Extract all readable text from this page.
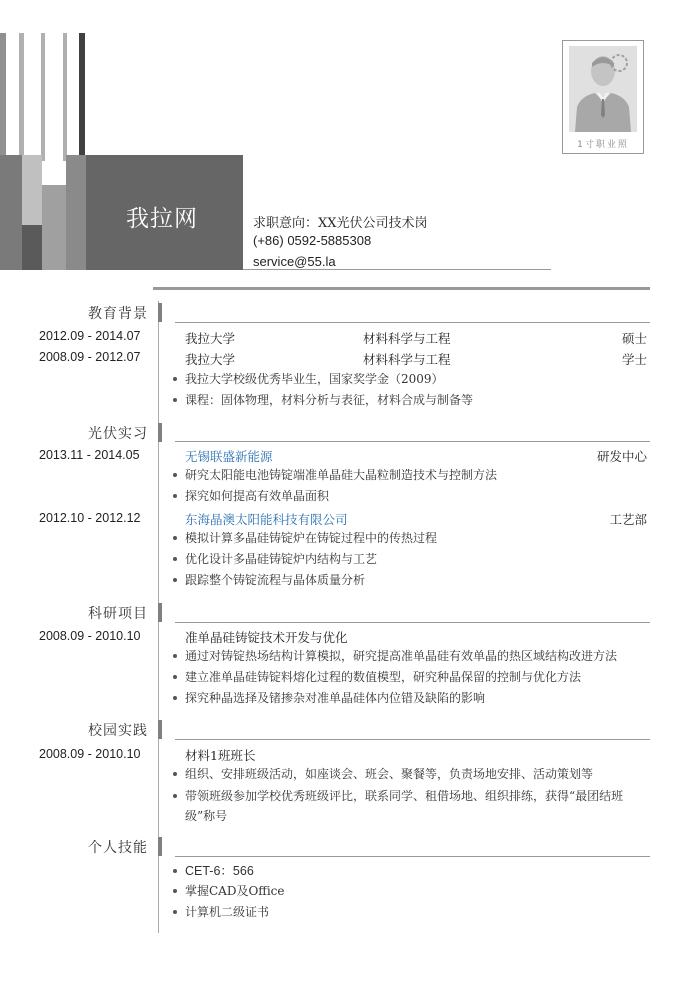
我拉网	求职意向：XX光伏公司技术岗
(+86) 0592-5885308
service@55.la
1寸职业照
教育背景
2012.09 - 2014.07	我拉大学	材料科学与工程	硕士
2008.09 - 2012.07	我拉大学	材料科学与工程	学士
我拉大学校级优秀毕业生，国家奖学金（2009）
课程：固体物理，材料分析与表征，材料合成与制备等
光伏实习
2013.11 - 2014.05	无锡联盛新能源	研发中心
研究太阳能电池铸锭端准单晶硅大晶粒制造技术与控制方法
探究如何提高有效单晶面积
2012.10 - 2012.12	东海晶澳太阳能科技有限公司	工艺部
模拟计算多晶硅铸锭炉在铸锭过程中的传热过程
优化设计多晶硅铸锭炉内结构与工艺
跟踪整个铸锭流程与晶体质量分析
科研项目
2008.09 - 2010.10	准单晶硅铸锭技术开发与优化
通过对铸锭热场结构计算模拟，研究提高准单晶硅有效单晶的热区域结构改进方法
建立准单晶硅铸锭料熔化过程的数值模型，研究种晶保留的控制与优化方法
探究种晶选择及锗掺杂对准单晶硅体内位错及缺陷的影响
校园实践
2008.09 - 2010.10	材料1班班长
组织、安排班级活动，如座谈会、班会、聚餐等，负责场地安排、活动策划等
带领班级参加学校优秀班级评比，联系同学、租借场地、组织排练，获得“最团结班级”称号
个人技能
CET-6：566
掌握CAD及Office
计算机二级证书
